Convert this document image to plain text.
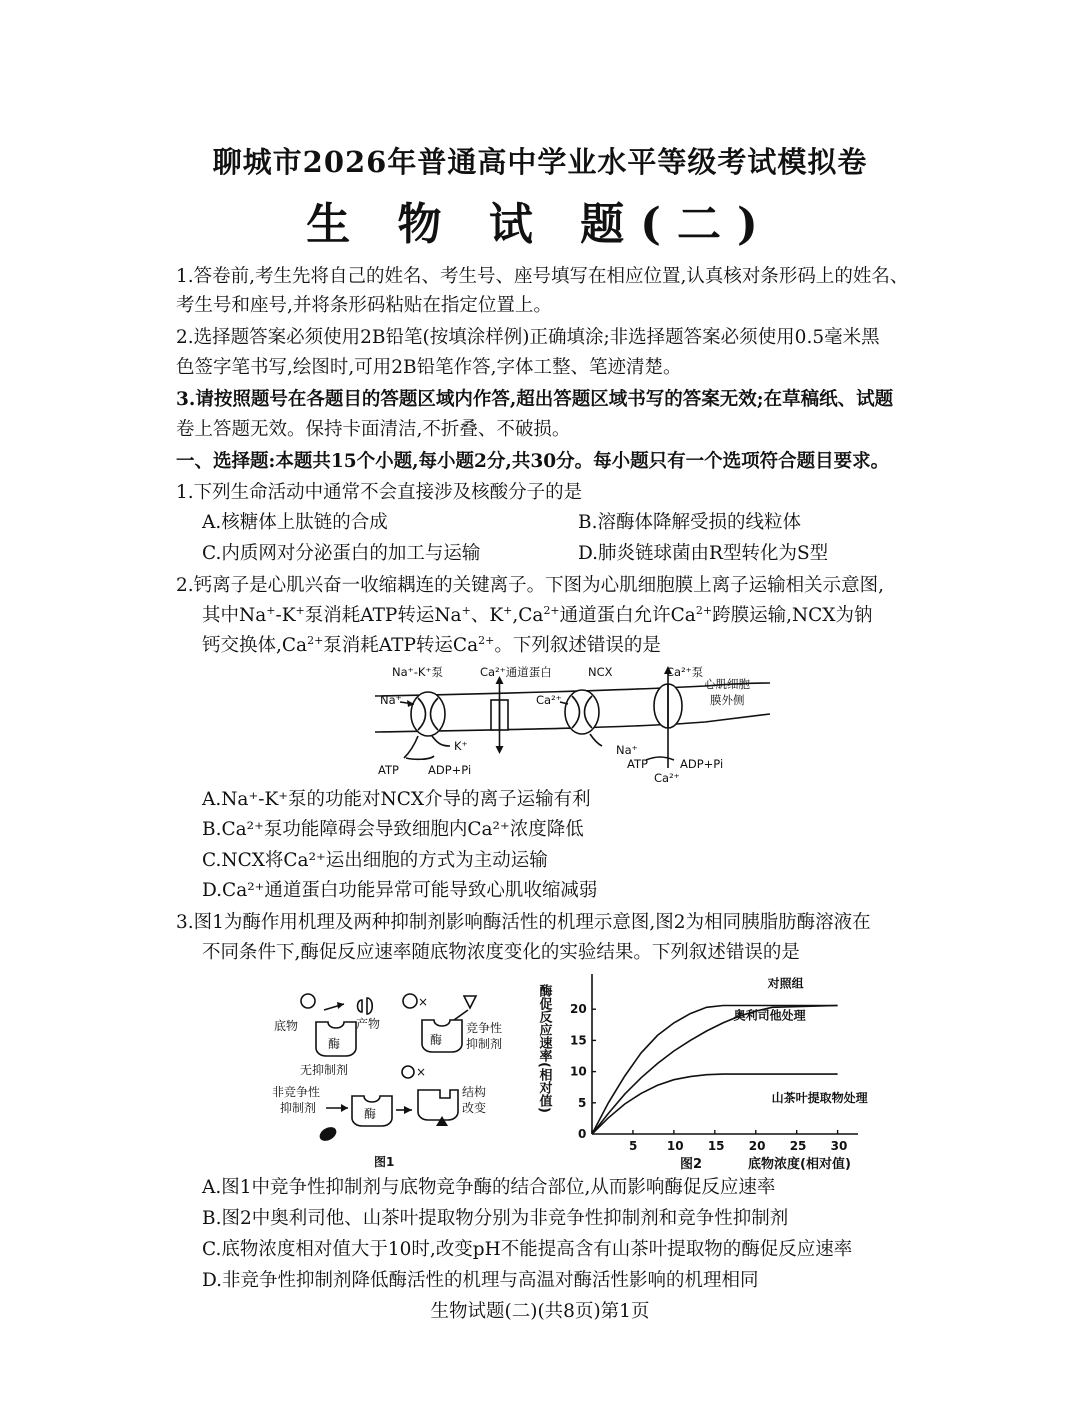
聊城市2026年普通高中学业水平等级考试模拟卷
生 物 试 题(二)
1.答卷前,考生先将自己的姓名、考生号、座号填写在相应位置,认真核对条形码上的姓名、
考生号和座号,并将条形码粘贴在指定位置上。
2.选择题答案必须使用2B铅笔(按填涂样例)正确填涂;非选择题答案必须使用0.5毫米黑
色签字笔书写,绘图时,可用2B铅笔作答,字体工整、笔迹清楚。
3.请按照题号在各题目的答题区域内作答,超出答题区域书写的答案无效;在草稿纸、试题
卷上答题无效。保持卡面清洁,不折叠、不破损。
一、选择题:本题共15个小题,每小题2分,共30分。每小题只有一个选项符合题目要求。
1.下列生命活动中通常不会直接涉及核酸分子的是
A.核糖体上肽链的合成	B.溶酶体降解受损的线粒体
C.内质网对分泌蛋白的加工与运输	D.肺炎链球菌由R型转化为S型
2.钙离子是心肌兴奋一收缩耦连的关键离子。下图为心肌细胞膜上离子运输相关示意图,
其中Na+-K+泵消耗ATP转运Na+、$K^+,Ca^{2+}$通道蛋白允许$Ca^{2+}$跨膜运输,NCX为钠
钙交换体$,Ca^{2+}$泵消耗ATP转运$Ca^{2+}$。下列叙述错误的是
Na⁺-K⁺泵	Ca²⁺通道蛋白	NCX	Ca²⁺泵
心肌细胞
膜外侧
Na⁺
K⁺
Ca²⁺
Na⁺
ATP	ADP+Pi	ATP	ADP+Pi
Ca²⁺
A.Na⁺-K⁺泵的功能对NCX介导的离子运输有利
B.Ca²⁺泵功能障碍会导致细胞内Ca²⁺浓度降低
C.NCX将Ca²⁺运出细胞的方式为主动运输
D.Ca²⁺通道蛋白功能异常可能导致心肌收缩减弱
3.图1为酶作用机理及两种抑制剂影响酶活性的机理示意图,图2为相同胰脂肪酶溶液在
不同条件下,酶促反应速率随底物浓度变化的实验结果。下列叙述错误的是
×
×
底物	产物
酶
无抑制剂
酶
竞争性
抑制剂
非竞争性
抑制剂	酶
结构
改变
图1
酶促反应速率(相对值)
0
5 10 15 20 25 30
5
10
15
20
对照组
奥利司他处理
山茶叶提取物处理
图2	底物浓度(相对值)
A.图1中竞争性抑制剂与底物竞争酶的结合部位,从而影响酶促反应速率
B.图2中奥利司他、山茶叶提取物分别为非竞争性抑制剂和竞争性抑制剂
C.底物浓度相对值大于10时,改变pH不能提高含有山茶叶提取物的酶促反应速率
D.非竞争性抑制剂降低酶活性的机理与高温对酶活性影响的机理相同
生物试题(二)(共8页)第1页
